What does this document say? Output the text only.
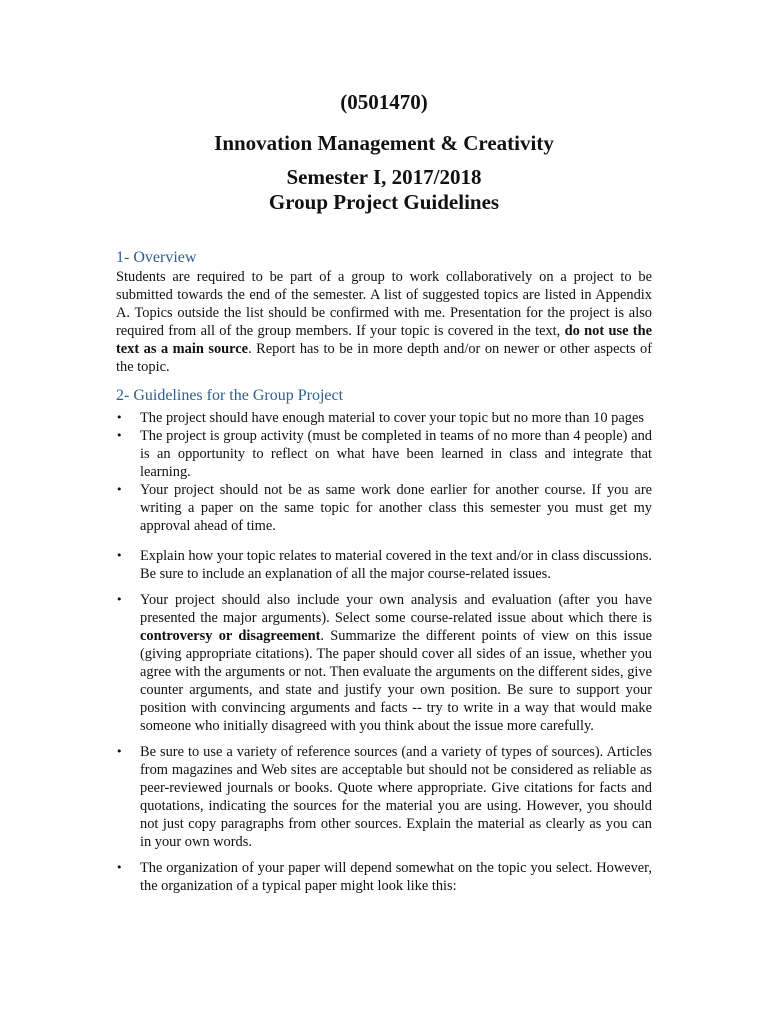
(0501470)
Innovation Management & Creativity
Semester I, 2017/2018
Group Project Guidelines
1- Overview
Students are required to be part of a group to work collaboratively on a project to be submitted towards the end of the semester. A list of suggested topics are listed in Appendix A. Topics outside the list should be confirmed with me. Presentation for the project is also required from all of the group members. If your topic is covered in the text, do not use the text as a main source. Report has to be in more depth and/or on newer or other aspects of the topic.
2- Guidelines for the Group Project
• The project should have enough material to cover your topic but no more than 10 pages
• The project is group activity (must be completed in teams of no more than 4 people) and is an opportunity to reflect on what have been learned in class and integrate that learning.
• Your project should not be as same work done earlier for another course. If you are writing a paper on the same topic for another class this semester you must get my approval ahead of time.
• Explain how your topic relates to material covered in the text and/or in class discussions. Be sure to include an explanation of all the major course-related issues.
• Your project should also include your own analysis and evaluation (after you have presented the major arguments). Select some course-related issue about which there is controversy or disagreement. Summarize the different points of view on this issue (giving appropriate citations). The paper should cover all sides of an issue, whether you agree with the arguments or not. Then evaluate the arguments on the different sides, give counter arguments, and state and justify your own position. Be sure to support your position with convincing arguments and facts -- try to write in a way that would make someone who initially disagreed with you think about the issue more carefully.
• Be sure to use a variety of reference sources (and a variety of types of sources). Articles from magazines and Web sites are acceptable but should not be considered as reliable as peer-reviewed journals or books. Quote where appropriate. Give citations for facts and quotations, indicating the sources for the material you are using. However, you should not just copy paragraphs from other sources. Explain the material as clearly as you can in your own words.
• The organization of your paper will depend somewhat on the topic you select. However, the organization of a typical paper might look like this:
